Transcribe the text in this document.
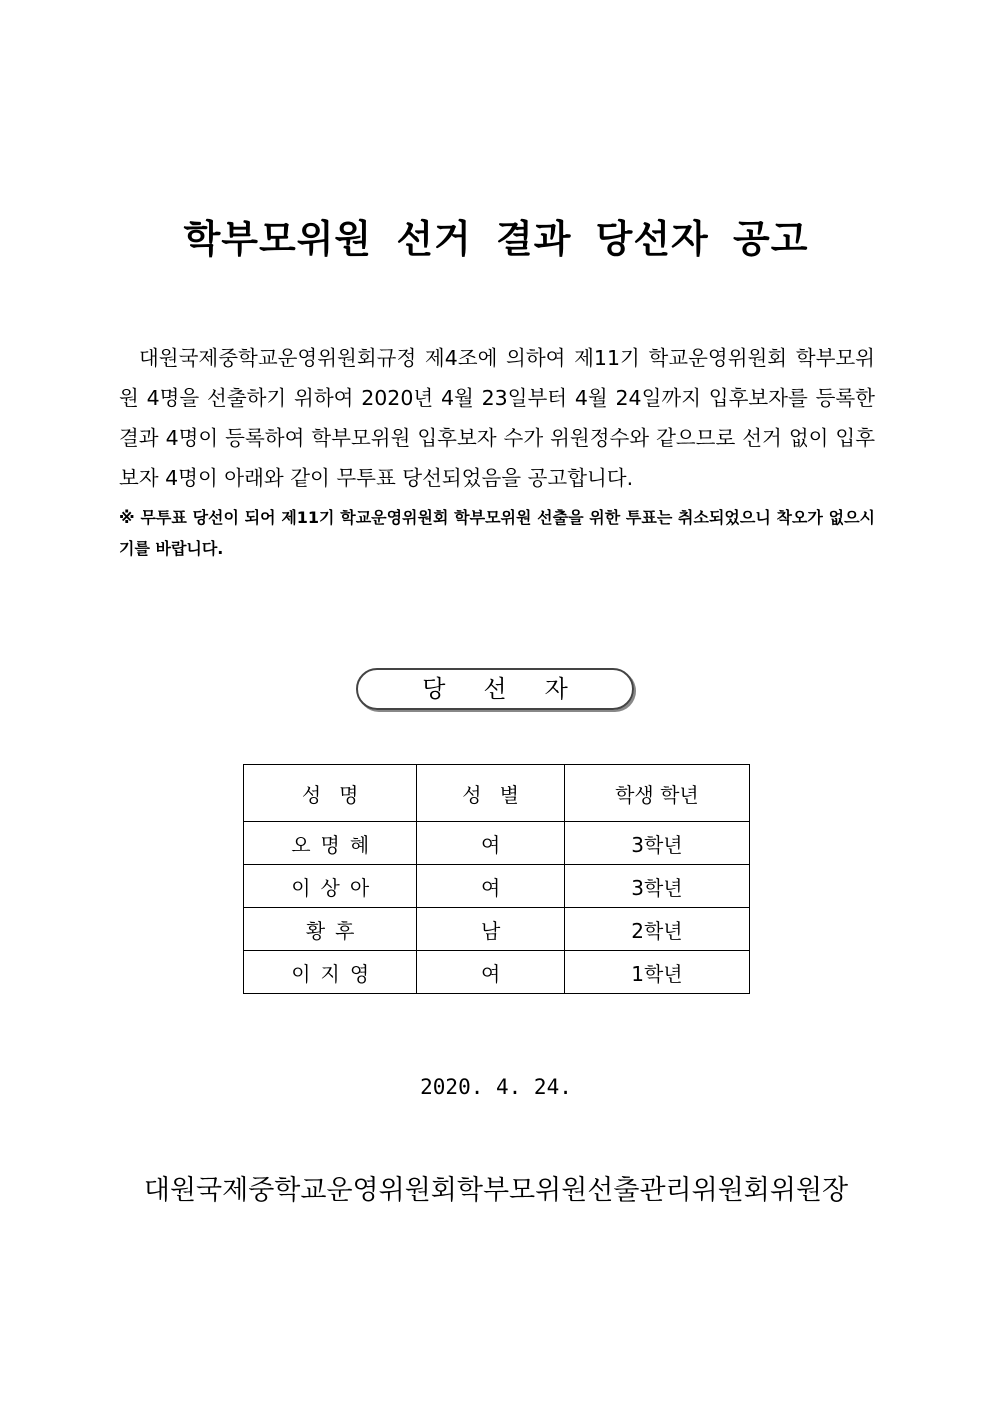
학부모위원 선거 결과 당선자 공고

대원국제중학교운영위원회규정 제4조에 의하여 제11기 학교운영위원회 학부모위원 4명을 선출하기 위하여 2020년 4월 23일부터 4월 24일까지 입후보자를 등록한 결과 4명이 등록하여 학부모위원 입후보자 수가 위원정수와 같으므로 선거 없이 입후보자 4명이 아래와 같이 무투표 당선되었음을 공고합니다.

※ 무투표 당선이 되어 제11기 학교운영위원회 학부모위원 선출을 위한 투표는 취소되었으니 착오가 없으시기를 바랍니다.

당선자
성명	성별	학생 학년
오명혜	여	3학년
이상아	여	3학년
황후	남	2학년
이지영	여	1학년

2020. 4. 24.

대원국제중학교운영위원회학부모위원선출관리위원회위원장
